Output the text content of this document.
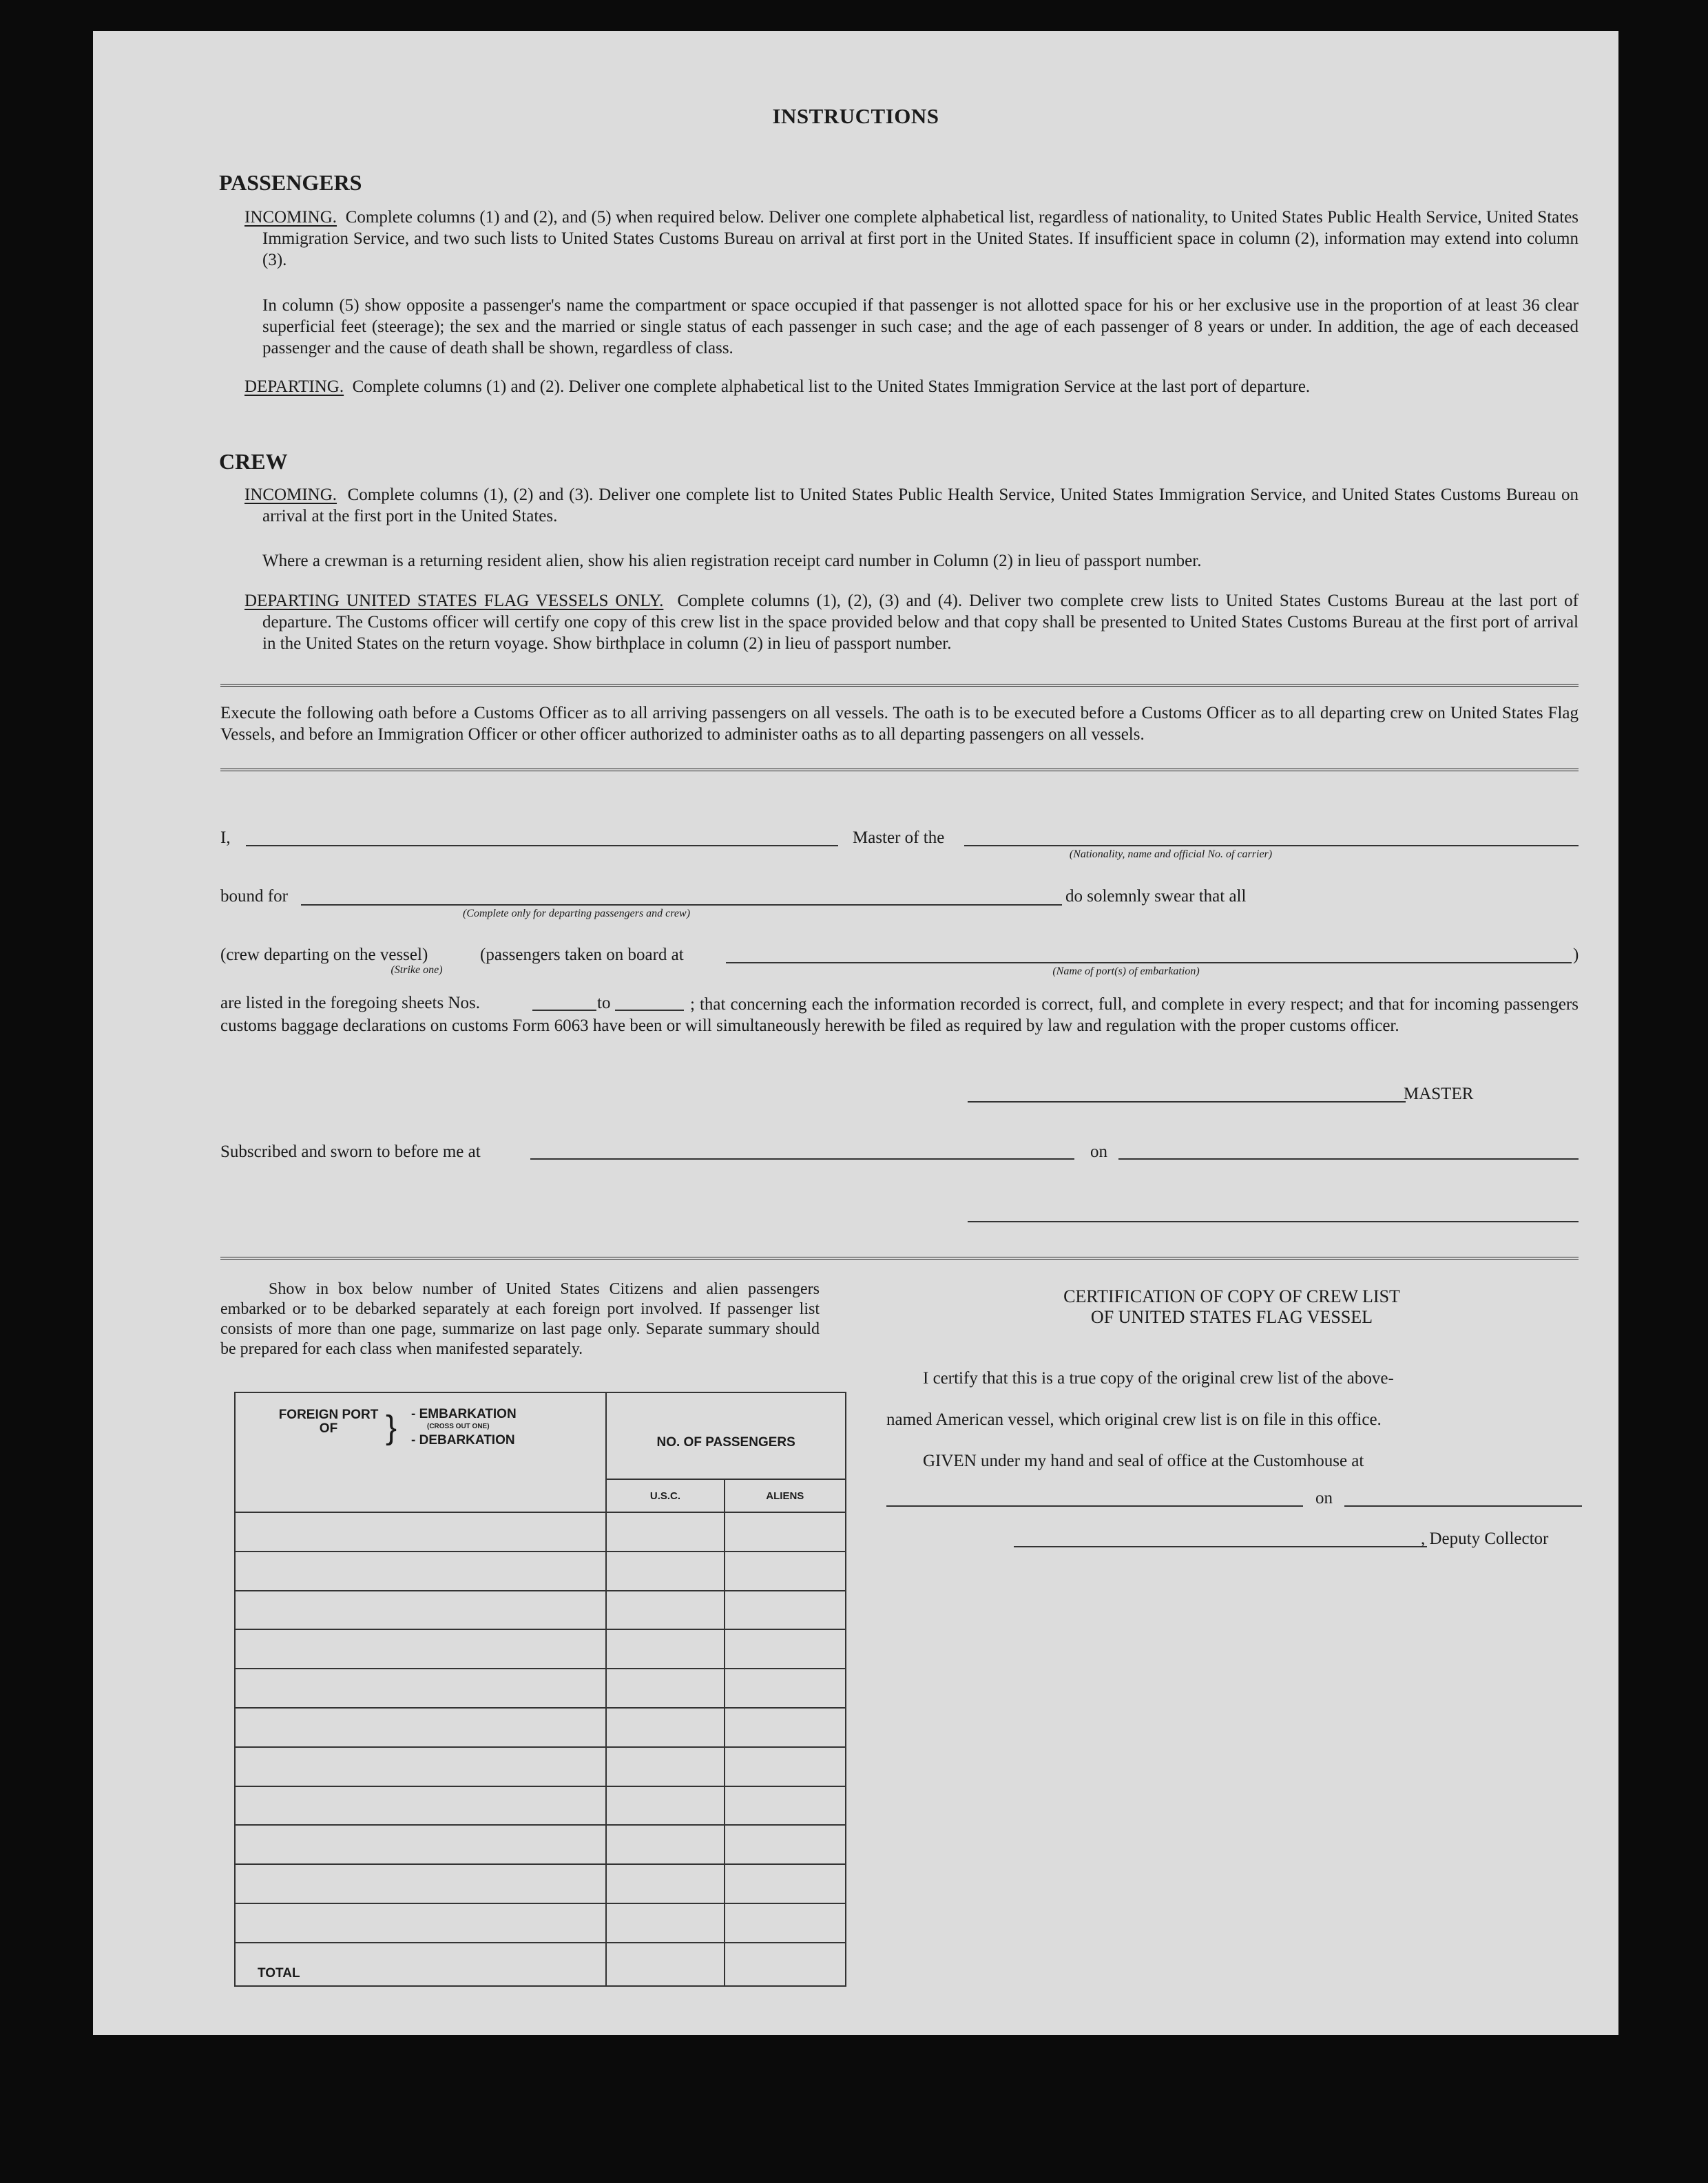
INSTRUCTIONS
PASSENGERS
INCOMING. Complete columns (1) and (2), and (5) when required below. Deliver one complete alphabetical list, regardless of nationality, to United States Public Health Service, United States Immigration Service, and two such lists to United States Customs Bureau on arrival at first port in the United States. If insufficient space in column (2), information may extend into column (3).
In column (5) show opposite a passenger's name the compartment or space occupied if that passenger is not allotted space for his or her exclusive use in the proportion of at least 36 clear superficial feet (steerage); the sex and the married or single status of each passenger in such case; and the age of each passenger of 8 years or under. In addition, the age of each deceased passenger and the cause of death shall be shown, regardless of class.
DEPARTING. Complete columns (1) and (2). Deliver one complete alphabetical list to the United States Immigration Service at the last port of departure.
CREW
INCOMING. Complete columns (1), (2) and (3). Deliver one complete list to United States Public Health Service, United States Immigration Service, and United States Customs Bureau on arrival at the first port in the United States.
Where a crewman is a returning resident alien, show his alien registration receipt card number in Column (2) in lieu of passport number.
DEPARTING UNITED STATES FLAG VESSELS ONLY. Complete columns (1), (2), (3) and (4). Deliver two complete crew lists to United States Customs Bureau at the last port of departure. The Customs officer will certify one copy of this crew list in the space provided below and that copy shall be presented to United States Customs Bureau at the first port of arrival in the United States on the return voyage. Show birthplace in column (2) in lieu of passport number.
Execute the following oath before a Customs Officer as to all arriving passengers on all vessels. The oath is to be executed before a Customs Officer as to all departing crew on United States Flag Vessels, and before an Immigration Officer or other officer authorized to administer oaths as to all departing passengers on all vessels.
I,	Master of the
(Nationality, name and official No. of carrier)
bound for
(Complete only for departing passengers and crew)
do solemnly swear that all
(crew departing on the vessel)
(Strike one)
(passengers taken on board at
(Name of port(s) of embarkation)
)
are listed in the foregoing sheets Nos.	to	; that concerning each the information recorded is correct, full, and complete in every respect; and that for incoming passengers customs baggage declarations on customs Form 6063 have been or will simultaneously herewith be filed as required by law and regulation with the proper customs officer.
MASTER
Subscribed and sworn to before me at	on
Show in box below number of United States Citizens and alien passengers embarked or to be debarked separately at each foreign port involved. If passenger list consists of more than one page, summarize on last page only. Separate summary should be prepared for each class when manifested separately.
FOREIGN PORT OF } - EMBARKATION
(CROSS OUT ONE)
- DEBARKATION	NO. OF PASSENGERS	
	U.S.C.	ALIENS

TOTAL		
CERTIFICATION OF COPY OF CREW LIST
OF UNITED STATES FLAG VESSEL
I certify that this is a true copy of the original crew list of the above-
named American vessel, which original crew list is on file in this office.
GIVEN under my hand and seal of office at the Customhouse at
on
, Deputy Collector
